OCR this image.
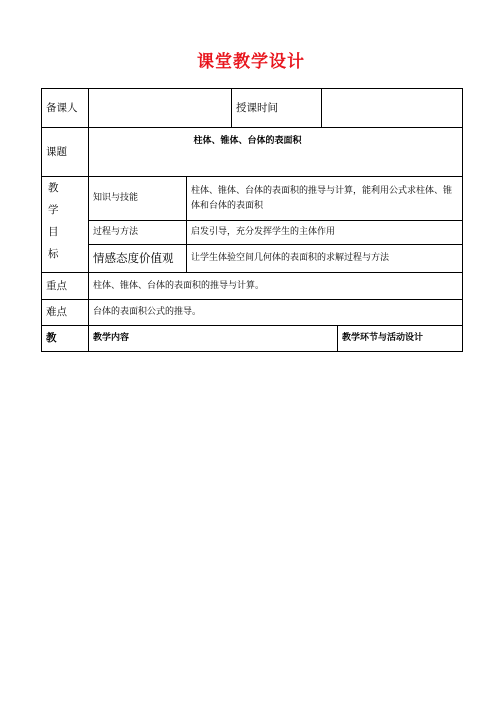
课堂教学设计
备课人			授课时间		
课题	柱体、锥体、台体的表面积				

教
学
目
标	知识与技能	柱体、锥体、台体的表面积的推导与计算，能利用公式求柱体、锥体和台体的表面积			
	过程与方法	启发引导，充分发挥学生的主体作用			
	情感态度价值观	让学生体验空间几何体的表面积的求解过程与方法			
重点	柱体、锥体、台体的表面积的推导与计算。				
难点	台体的表面积公式的推导。				
教	教学内容				教学环节与活动设计
